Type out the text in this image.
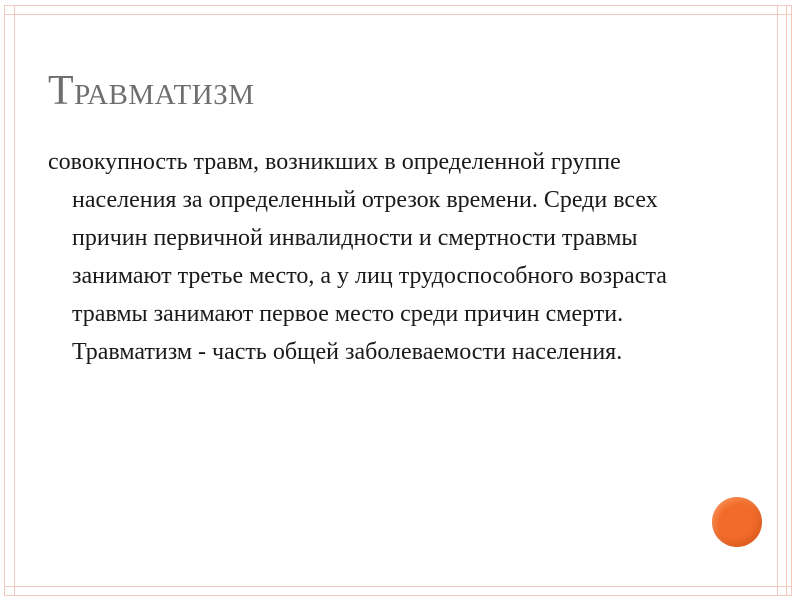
Травматизм

совокупность травм, возникших в определенной группе населения за определенный отрезок времени. Среди всех причин первичной инвалидности и смертности травмы занимают третье место, а у лиц трудоспособного возраста травмы занимают первое место среди причин смерти. Травматизм - часть общей заболеваемости населения.
